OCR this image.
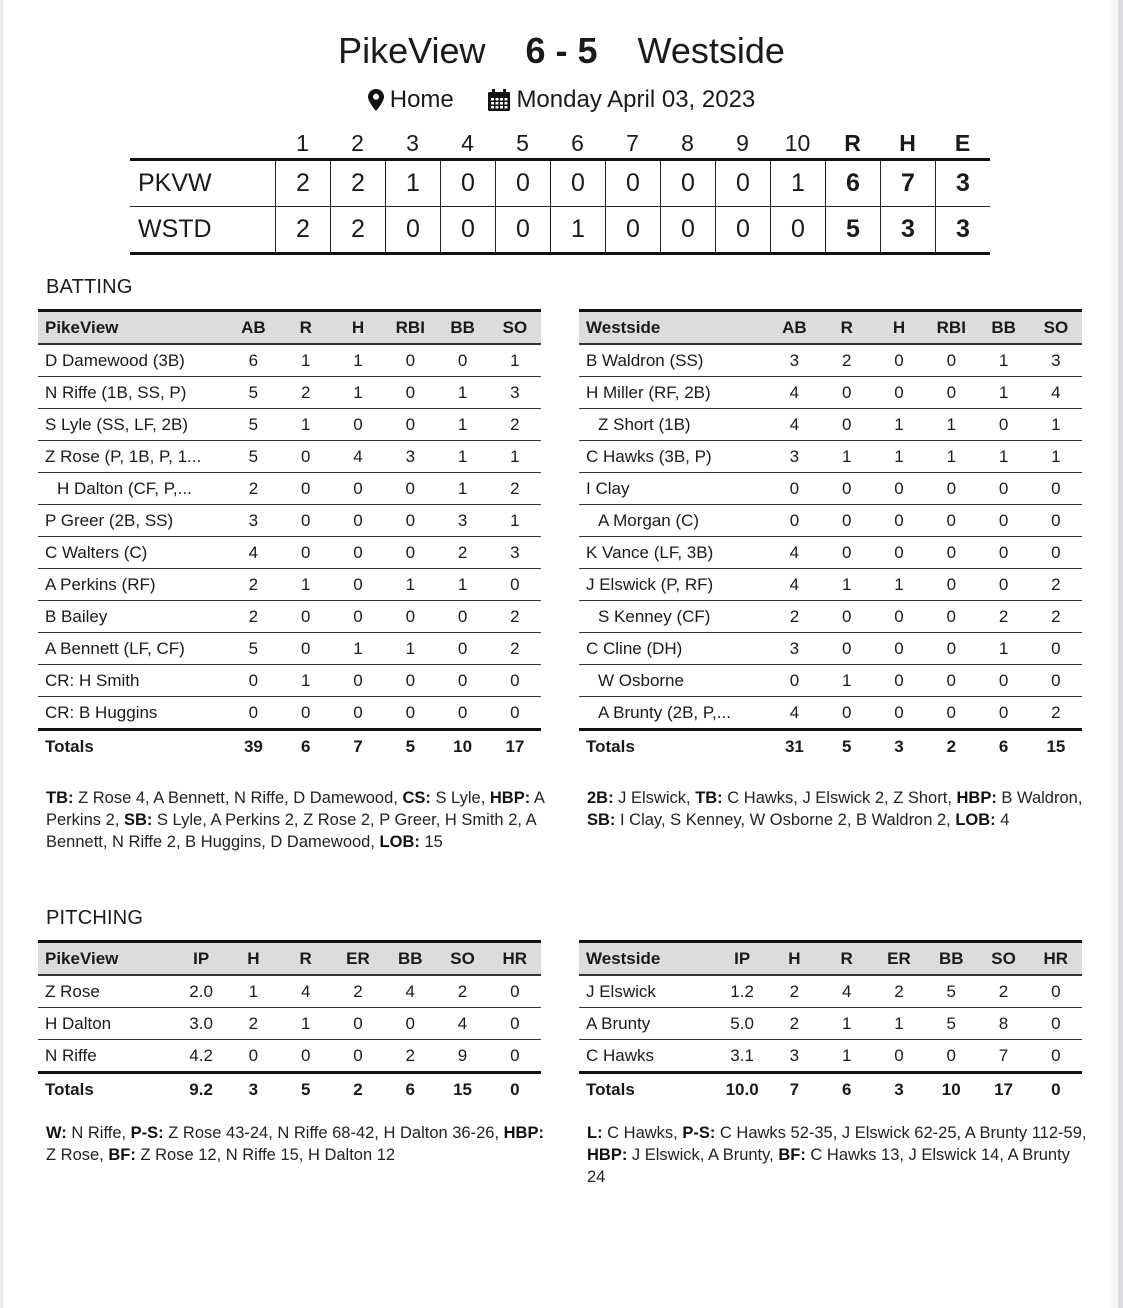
PikeView 6 - 5 Westside
Home
	Monday April 03, 2023
1	2	3	4	5	6	7	8	9	10	R	H	E
PKVW	2	2	1	0	0	0	0	0	0	1	6	7	3
WSTD	2	2	0	0	0	1	0	0	0	0	5	3	3
BATTING
PikeView	AB	R	H	RBI	BB	SO
D Damewood (3B)	6	1	1	0	0	1
N Riffe (1B, SS, P)	5	2	1	0	1	3
S Lyle (SS, LF, 2B)	5	1	0	0	1	2
Z Rose (P, 1B, P, 1...	5	0	4	3	1	1
H Dalton (CF, P,...	2	0	0	0	1	2
P Greer (2B, SS)	3	0	0	0	3	1
C Walters (C)	4	0	0	0	2	3
A Perkins (RF)	2	1	0	1	1	0
B Bailey	2	0	0	0	0	2
A Bennett (LF, CF)	5	0	1	1	0	2
CR: H Smith	0	1	0	0	0	0
CR: B Huggins	0	0	0	0	0	0
Totals	39	6	7	5	10	17
Westside	AB	R	H	RBI	BB	SO
B Waldron (SS)	3	2	0	0	1	3
H Miller (RF, 2B)	4	0	0	0	1	4
Z Short (1B)	4	0	1	1	0	1
C Hawks (3B, P)	3	1	1	1	1	1
I Clay	0	0	0	0	0	0
A Morgan (C)	0	0	0	0	0	0
K Vance (LF, 3B)	4	0	0	0	0	0
J Elswick (P, RF)	4	1	1	0	0	2
S Kenney (CF)	2	0	0	0	2	2
C Cline (DH)	3	0	0	0	1	0
W Osborne	0	1	0	0	0	0
A Brunty (2B, P,...	4	0	0	0	0	2
Totals	31	5	3	2	6	15
TB: Z Rose 4, A Bennett, N Riffe, D Damewood, CS: S Lyle, HBP: A Perkins 2, SB: S Lyle, A Perkins 2, Z Rose 2, P Greer, H Smith 2, A Bennett, N Riffe 2, B Huggins, D Damewood, LOB: 15
2B: J Elswick, TB: C Hawks, J Elswick 2, Z Short, HBP: B Waldron, SB: I Clay, S Kenney, W Osborne 2, B Waldron 2, LOB: 4
PITCHING
PikeView	IP	H	R	ER	BB	SO	HR
Z Rose	2.0	1	4	2	4	2	0
H Dalton	3.0	2	1	0	0	4	0
N Riffe	4.2	0	0	0	2	9	0
Totals	9.2	3	5	2	6	15	0
Westside	IP	H	R	ER	BB	SO	HR
J Elswick	1.2	2	4	2	5	2	0
A Brunty	5.0	2	1	1	5	8	0
C Hawks	3.1	3	1	0	0	7	0
Totals	10.0	7	6	3	10	17	0
W: N Riffe, P-S: Z Rose 43-24, N Riffe 68-42, H Dalton 36-26, HBP: Z Rose, BF: Z Rose 12, N Riffe 15, H Dalton 12
L: C Hawks, P-S: C Hawks 52-35, J Elswick 62-25, A Brunty 112-59, HBP: J Elswick, A Brunty, BF: C Hawks 13, J Elswick 14, A Brunty 24
